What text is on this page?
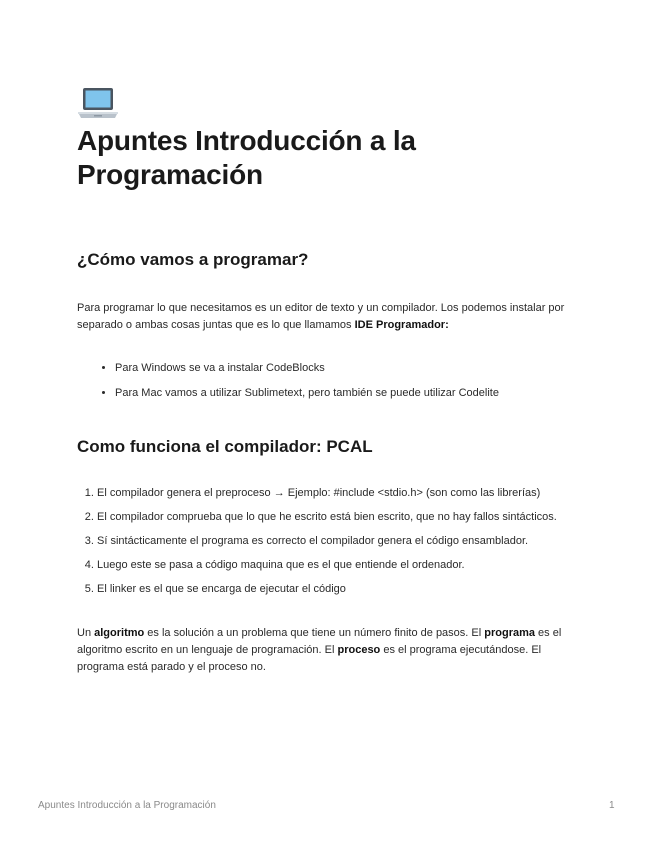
Apuntes Introducción a la Programación
¿Cómo vamos a programar?

Para programar lo que necesitamos es un editor de texto y un compilador. Los podemos instalar por separado o ambas cosas juntas que es lo que llamamos IDE Programador:

• Para Windows se va a instalar CodeBlocks
• Para Mac vamos a utilizar Sublimetext, pero también se puede utilizar Codelite
Como funciona el compilador: PCAL
1. El compilador genera el preproceso → Ejemplo: #include <stdio.h> (son como las librerías)
2. El compilador comprueba que lo que he escrito está bien escrito, que no hay fallos sintácticos.
3. Sí sintácticamente el programa es correcto el compilador genera el código ensamblador.
4. Luego este se pasa a código maquina que es el que entiende el ordenador.
5. El linker es el que se encarga de ejecutar el código

Un algoritmo es la solución a un problema que tiene un número finito de pasos. El programa es el algoritmo escrito en un lenguaje de programación. El proceso es el programa ejecutándose. El programa está parado y el proceso no.

Apuntes Introducción a la Programación	1
